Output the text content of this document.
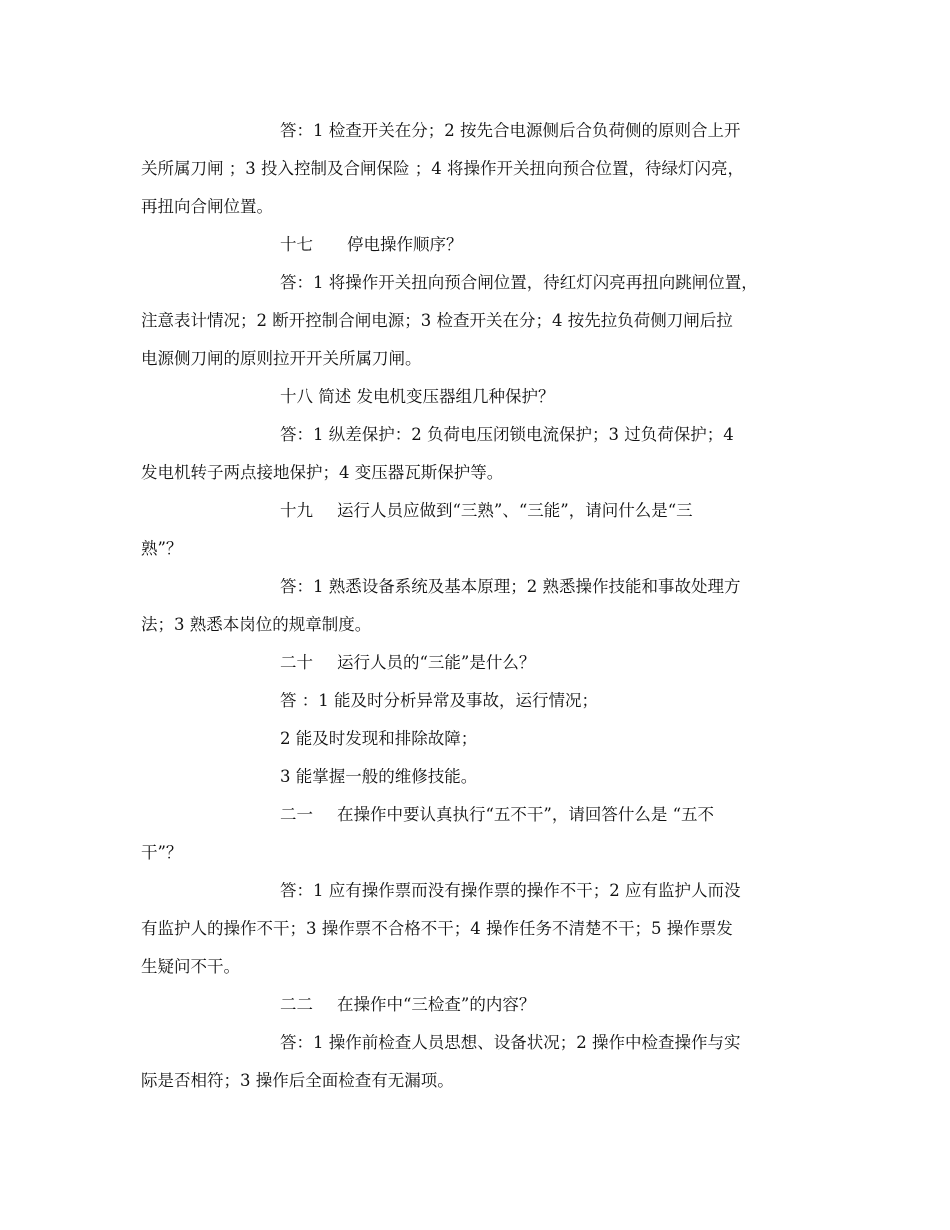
答：1 检查开关在分；2 按先合电源侧后合负荷侧的原则合上开
关所属刀闸 ；3 投入控制及合闸保险 ；4 将操作开关扭向预合位置，待绿灯闪亮，
再扭向合闸位置。
十七 停电操作顺序？
答：1 将操作开关扭向预合闸位置，待红灯闪亮再扭向跳闸位置，
注意表计情况；2 断开控制合闸电源；3 检查开关在分；4 按先拉负荷侧刀闸后拉
电源侧刀闸的原则拉开开关所属刀闸。
十八 简述 发电机变压器组几种保护？
答：1 纵差保护：2 负荷电压闭锁电流保护；3 过负荷保护；4
发电机转子两点接地保护；4 变压器瓦斯保护等。
十九 运行人员应做到“三熟”、“三能”，请问什么是“三
熟”？
答：1 熟悉设备系统及基本原理；2 熟悉操作技能和事故处理方
法；3 熟悉本岗位的规章制度。
二十 运行人员的“三能”是什么？
答 ：1 能及时分析异常及事故，运行情况；
2 能及时发现和排除故障；
3 能掌握一般的维修技能。
二一 在操作中要认真执行“五不干”，请回答什么是 “五不
干”？
答：1 应有操作票而没有操作票的操作不干；2 应有监护人而没
有监护人的操作不干；3 操作票不合格不干；4 操作任务不清楚不干；5 操作票发
生疑问不干。
二二 在操作中“三检查”的内容？
答：1 操作前检查人员思想、设备状况；2 操作中检查操作与实
际是否相符；3 操作后全面检查有无漏项。
